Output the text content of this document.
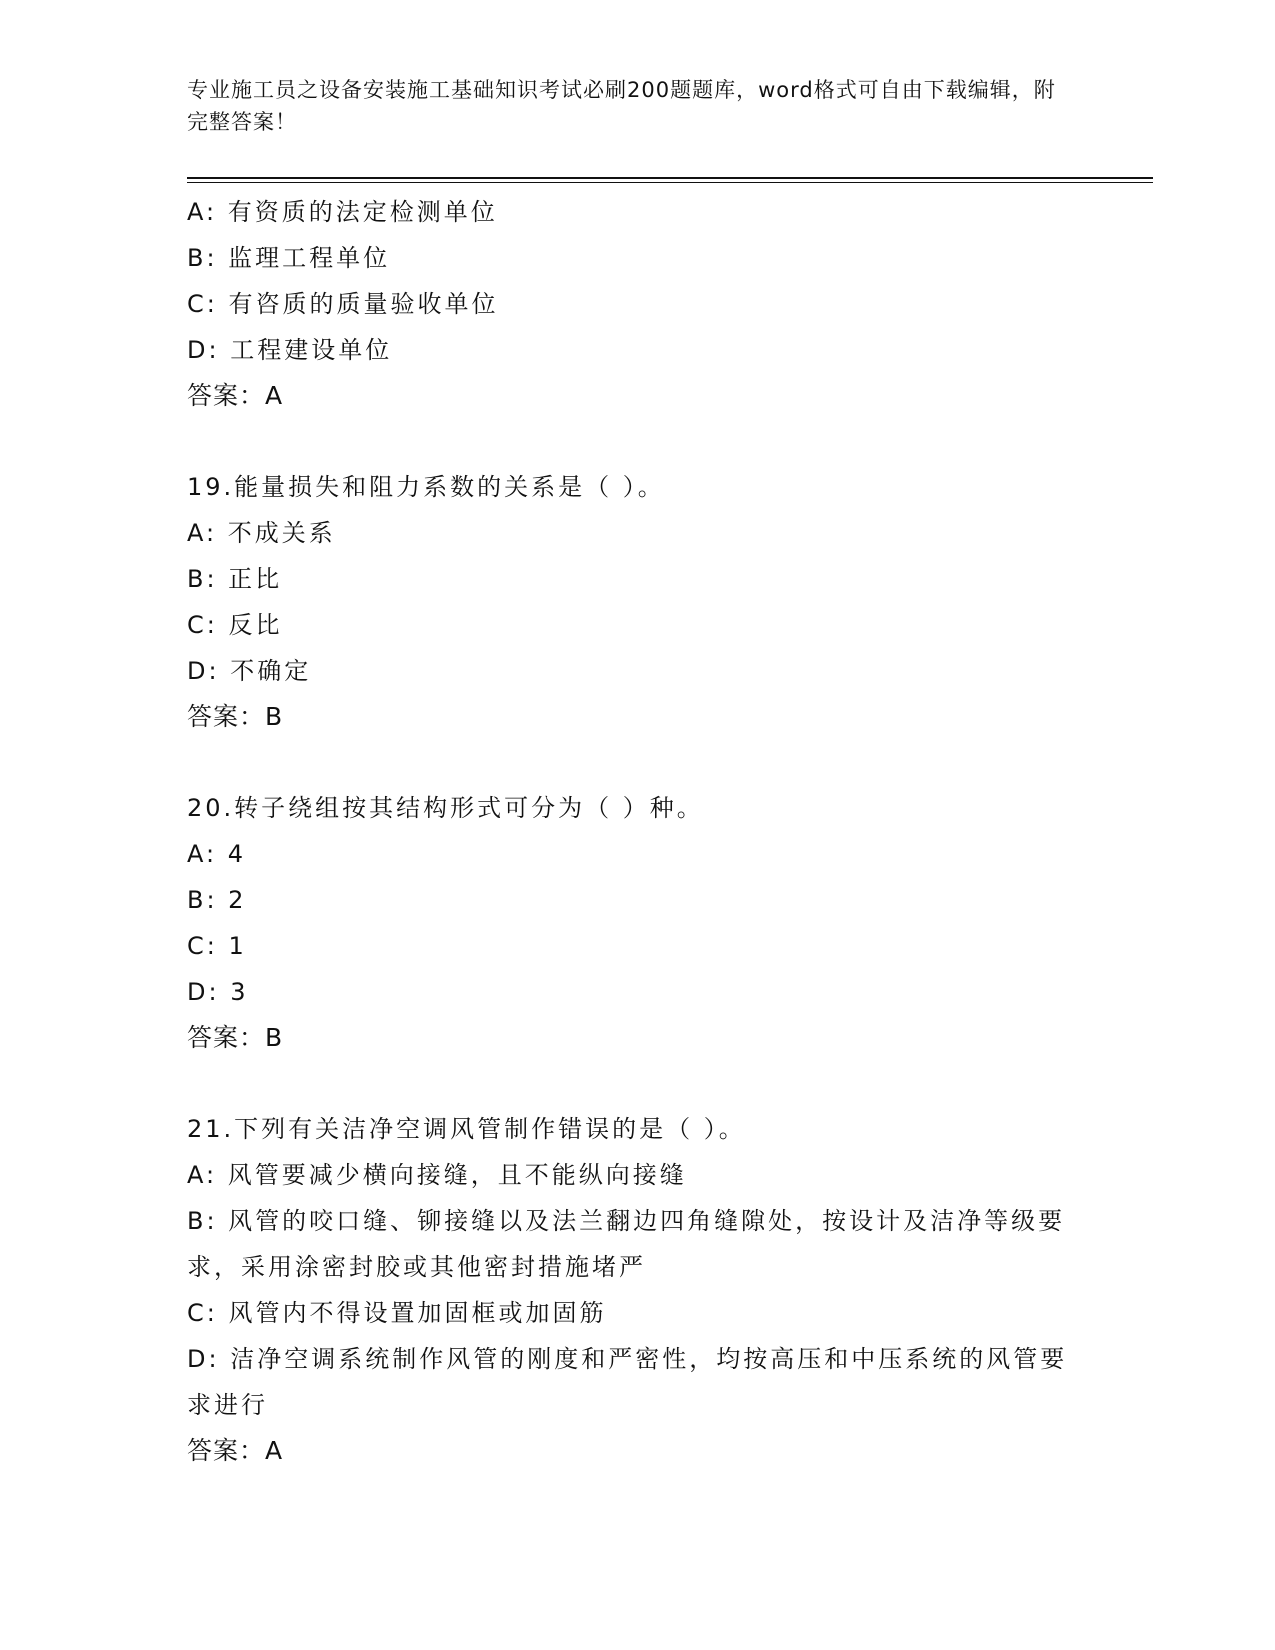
专业施工员之设备安装施工基础知识考试必刷200题题库，word格式可自由下载编辑，附完整答案！
A: 有资质的法定检测单位
B: 监理工程单位
C: 有咨质的质量验收单位
D: 工程建设单位
答案：A
19.能量损失和阻力系数的关系是（ ）。
A: 不成关系
B: 正比
C: 反比
D: 不确定
答案：B
20.转子绕组按其结构形式可分为（ ）种。
A: 4
B: 2
C: 1
D: 3
答案：B
21.下列有关洁净空调风管制作错误的是（ ）。
A: 风管要减少横向接缝，且不能纵向接缝
B: 风管的咬口缝、铆接缝以及法兰翻边四角缝隙处，按设计及洁净等级要求，采用涂密封胶或其他密封措施堵严
C: 风管内不得设置加固框或加固筋
D: 洁净空调系统制作风管的刚度和严密性，均按高压和中压系统的风管要求进行
答案：A
